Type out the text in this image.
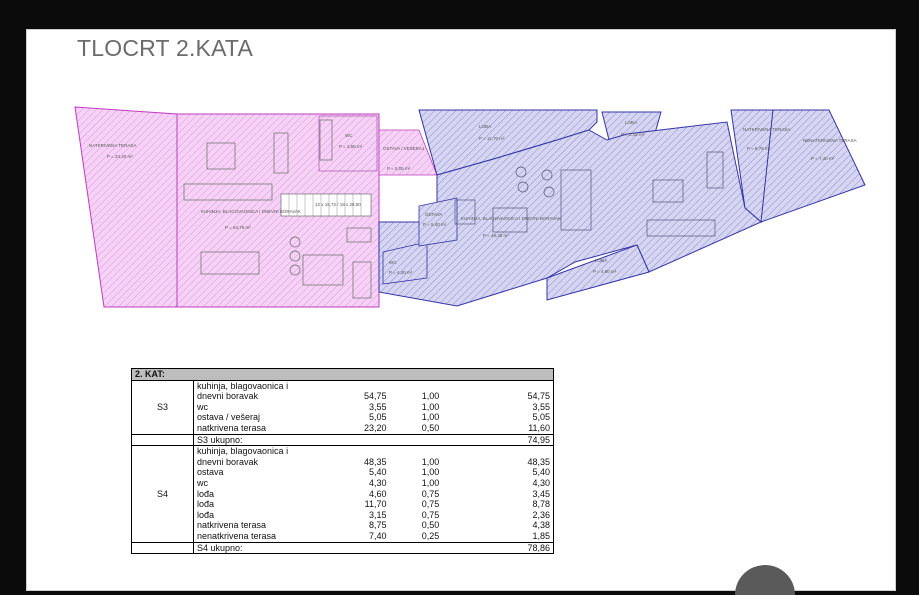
TLOCRT 2.KATA
NATKRIVENA TERASA
P = 23,20 m²
KUHINJA, BLAGOVAONICA I DNEVNI BORAVAK
P = 54,75 m²
WC
P = 3,55 m²	OSTAVA / VEŠERAJ
P = 5,05 m²
12 x 15,72 / 18 x 28,50
LOĐA
P = 11,70 m²
LOĐA
P = 3,15 m²
NATKRIVENA TERASA
P = 8,75 m²
NENATKRIVENA TERASA
P = 7,40 m²
OSTAVA
P = 5,40 m²
KUHINJA, BLAGOVAONICA I DNEVNI BORAVAK
P = 48,35 m²
WC
P = 4,30 m²
LOĐA
P = 4,60 m²
2. KAT:				
S3	kuhinja, blagovaonica i			
	dnevni boravak	54,75	1,00	54,75
	wc	3,55	1,00	3,55
	ostava / vešeraj	5,05	1,00	5,05
	natkrivena terasa	23,20	0,50	11,60
	S3 ukupno:			74,95
S4	kuhinja, blagovaonica i			
	dnevni boravak	48,35	1,00	48,35
	ostava	5,40	1,00	5,40
	wc	4,30	1,00	4,30
	lođa	4,60	0,75	3,45
	lođa	11,70	0,75	8,78
	lođa	3,15	0,75	2,36
	natkrivena terasa	8,75	0,50	4,38
	nenatkrivena terasa	7,40	0,25	1,85
	S4 ukupno:			78,86
